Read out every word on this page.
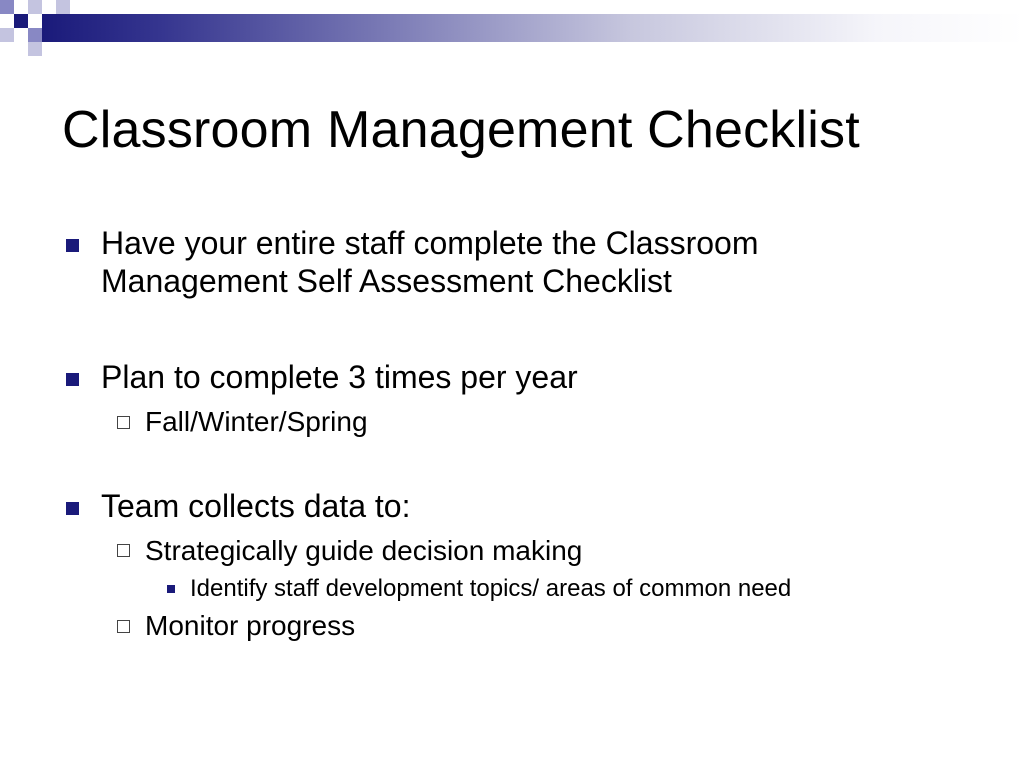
Classroom Management Checklist
Have your entire staff complete the Classroom
Management Self Assessment Checklist
Plan to complete 3 times per year
Fall/Winter/Spring
Team collects data to:
Strategically guide decision making
Identify staff development topics/ areas of common need
Monitor progress
